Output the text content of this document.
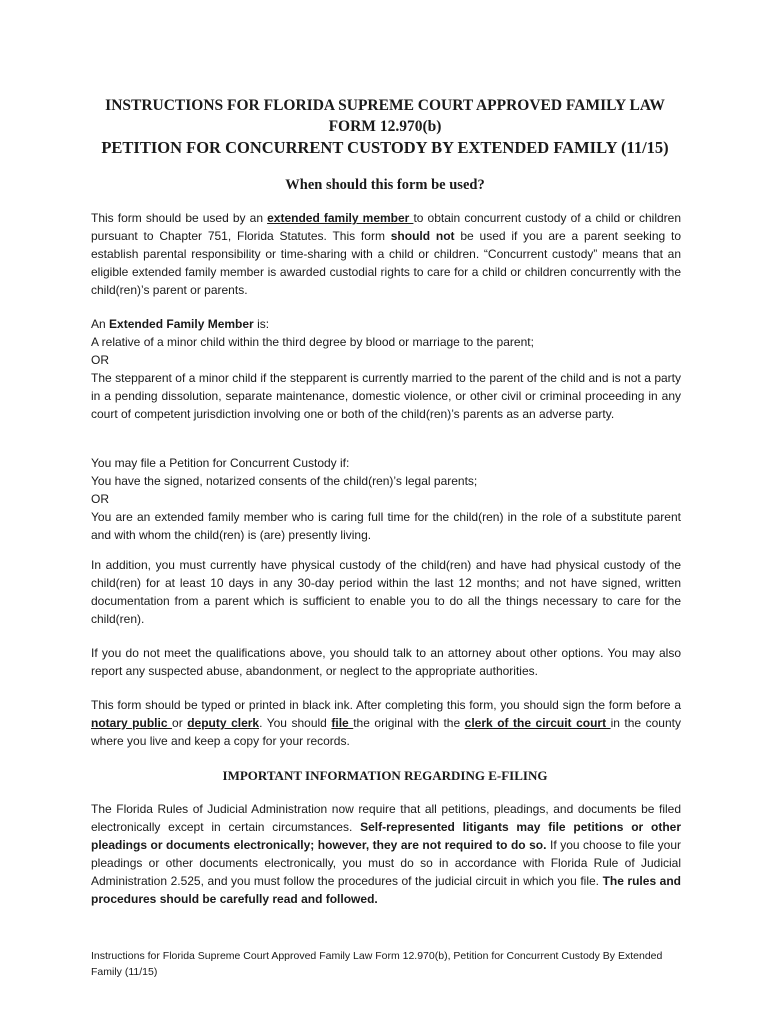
INSTRUCTIONS FOR FLORIDA SUPREME COURT APPROVED FAMILY LAW
FORM 12.970(b)
PETITION FOR CONCURRENT CUSTODY BY EXTENDED FAMILY (11/15)
When should this form be used?

This form should be used by an extended family member to obtain concurrent custody of a child or children pursuant to Chapter 751, Florida Statutes. This form should not be used if you are a parent seeking to establish parental responsibility or time-sharing with a child or children. “Concurrent custody” means that an eligible extended family member is awarded custodial rights to care for a child or children concurrently with the child(ren)’s parent or parents.

An Extended Family Member is:

A relative of a minor child within the third degree by blood or marriage to the parent;

OR

The stepparent of a minor child if the stepparent is currently married to the parent of the child and is not a party in a pending dissolution, separate maintenance, domestic violence, or other civil or criminal proceeding in any court of competent jurisdiction involving one or both of the child(ren)’s parents as an adverse party.

You may file a Petition for Concurrent Custody if:

You have the signed, notarized consents of the child(ren)’s legal parents;

OR

You are an extended family member who is caring full time for the child(ren) in the role of a substitute parent and with whom the child(ren) is (are) presently living.

In addition, you must currently have physical custody of the child(ren) and have had physical custody of the child(ren) for at least 10 days in any 30-day period within the last 12 months; and not have signed, written documentation from a parent which is sufficient to enable you to do all the things necessary to care for the child(ren).

If you do not meet the qualifications above, you should talk to an attorney about other options. You may also report any suspected abuse, abandonment, or neglect to the appropriate authorities.

This form should be typed or printed in black ink. After completing this form, you should sign the form before a notary public or deputy clerk. You should file the original with the clerk of the circuit court in the county where you live and keep a copy for your records.

IMPORTANT INFORMATION REGARDING E-FILING

The Florida Rules of Judicial Administration now require that all petitions, pleadings, and documents be filed electronically except in certain circumstances. Self-represented litigants may file petitions or other pleadings or documents electronically; however, they are not required to do so. If you choose to file your pleadings or other documents electronically, you must do so in accordance with Florida Rule of Judicial Administration 2.525, and you must follow the procedures of the judicial circuit in which you file. The rules and procedures should be carefully read and followed.

Instructions for Florida Supreme Court Approved Family Law Form 12.970(b), Petition for Concurrent Custody By Extended Family (11/15)
